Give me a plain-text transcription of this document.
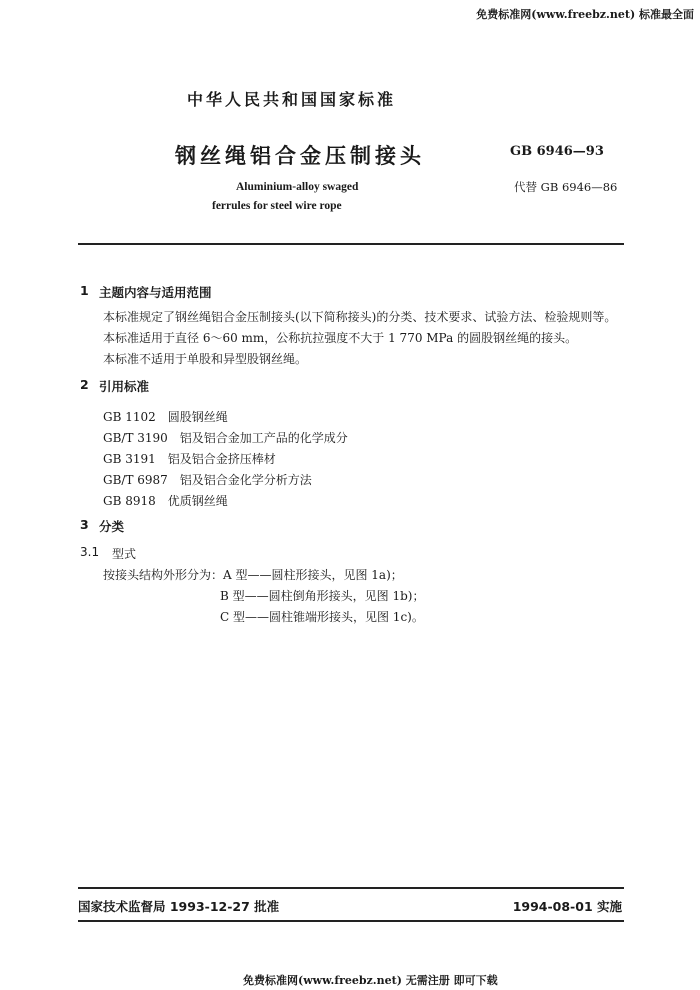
免费标准网(www.freebz.net) 标准最全面
中华人民共和国国家标准
钢丝绳铝合金压制接头	GB 6946—93
Aluminium-alloy swaged
ferrules for steel wire rope
代替 GB 6946—86
1 主题内容与适用范围
本标准规定了钢丝绳铝合金压制接头(以下简称接头)的分类、技术要求、试验方法、检验规则等。
本标准适用于直径 6～60 mm，公称抗拉强度不大于 1 770 MPa 的圆股钢丝绳的接头。
本标准不适用于单股和异型股钢丝绳。
2 引用标准
GB 1102　圆股钢丝绳
GB/T 3190　铝及铝合金加工产品的化学成分
GB 3191　铝及铝合金挤压棒材
GB/T 6987　铝及铝合金化学分析方法
GB 8918　优质钢丝绳
3 分类
3.1 型式
按接头结构外形分为：A 型——圆柱形接头，见图 1a)；
B 型——圆柱倒角形接头，见图 1b)；
C 型——圆柱锥端形接头，见图 1c)。
国家技术监督局 1993-12-27 批准	1994-08-01 实施
免费标准网(www.freebz.net) 无需注册 即可下载
